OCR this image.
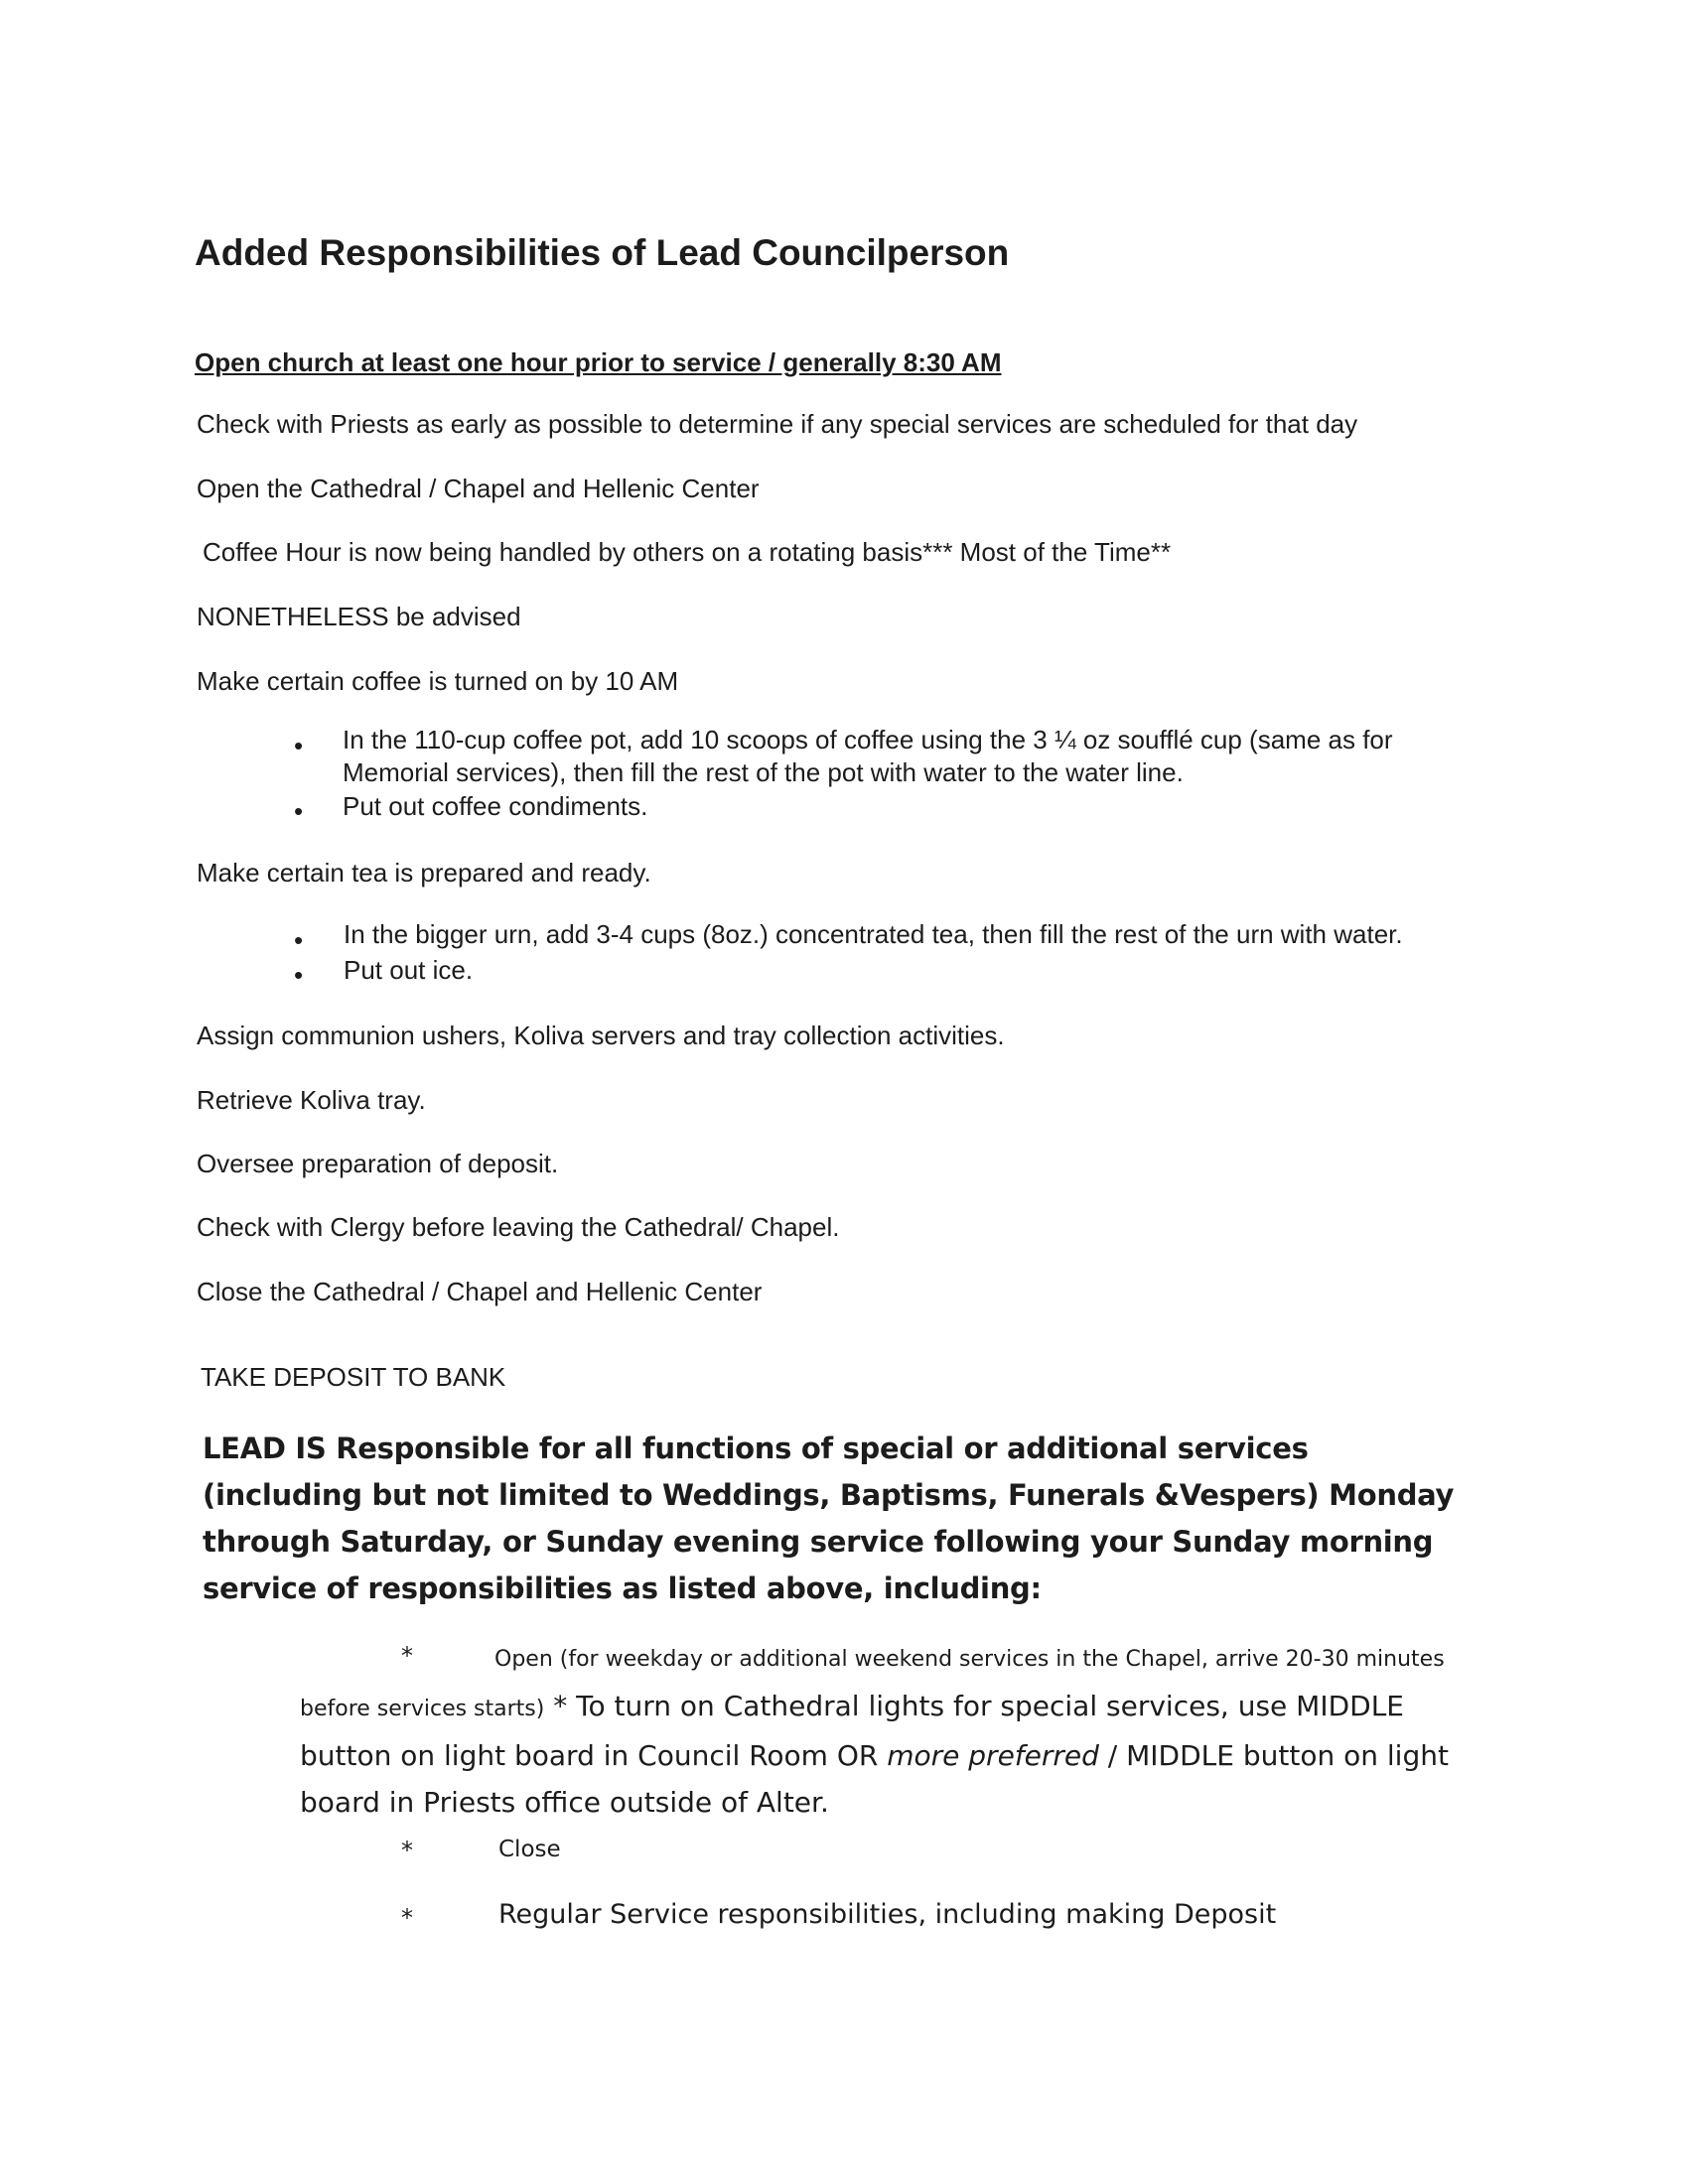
Added Responsibilities of Lead Councilperson
Open church at least one hour prior to service / generally 8:30 AM
Check with Priests as early as possible to determine if any special services are scheduled for that day
Open the Cathedral / Chapel and Hellenic Center
Coffee Hour is now being handled by others on a rotating basis*** Most of the Time**
NONETHELESS be advised
Make certain coffee is turned on by 10 AM
• In the 110-cup coffee pot, add 10 scoops of coffee using the 3 ¼ oz soufflé cup (same as for
Memorial services), then fill the rest of the pot with water to the water line.
• Put out coffee condiments.
Make certain tea is prepared and ready.
• In the bigger urn, add 3-4 cups (8oz.) concentrated tea, then fill the rest of the urn with water.
• Put out ice.
Assign communion ushers, Koliva servers and tray collection activities.
Retrieve Koliva tray.
Oversee preparation of deposit.
Check with Clergy before leaving the Cathedral/ Chapel.
Close the Cathedral / Chapel and Hellenic Center
TAKE DEPOSIT TO BANK
LEAD IS Responsible for all functions of special or additional services (including but not limited to Weddings, Baptisms, Funerals &Vespers) Monday through Saturday, or Sunday evening service following your Sunday morning service of responsibilities as listed above, including:
*	Open (for weekday or additional weekend services in the Chapel, arrive 20-30 minutes before services starts) * To turn on Cathedral lights for special services, use MIDDLE button on light board in Council Room OR more preferred / MIDDLE button on light board in Priests office outside of Alter.
*	Close
*	Regular Service responsibilities, including making Deposit
